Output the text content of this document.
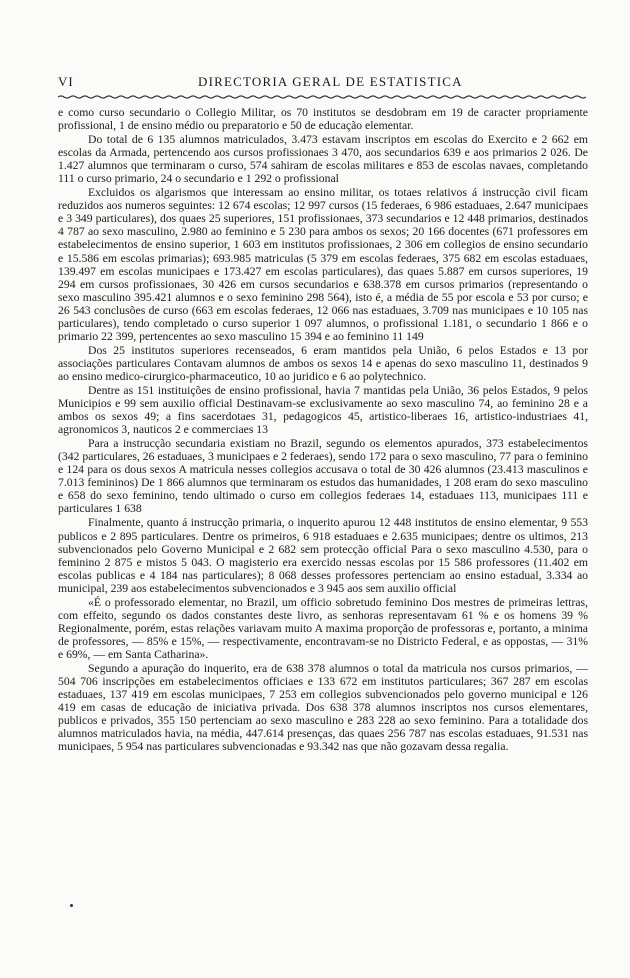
VI	DIRECTORIA GERAL DE ESTATISTICA

e como curso secundario o Collegio Militar, os 70 institutos se desdobram em 19 de caracter propriamente profissional, 1 de ensino médio ou preparatorio e 50 de educação elementar.

Do total de 6 135 alumnos matriculados, 3.473 estavam inscriptos em escolas do Exercito e 2 662 em escolas da Armada, pertencendo aos cursos profissionaes 3 470, aos secundarios 639 e aos primarios 2 026. De 1.427 alumnos que terminaram o curso, 574 sahiram de escolas militares e 853 de escolas navaes, completando 111 o curso primario, 24 o secundario e 1 292 o profissional

Excluidos os algarismos que interessam ao ensino militar, os totaes relativos á instrucção civil ficam reduzidos aos numeros seguintes: 12 674 escolas; 12 997 cursos (15 federaes, 6 986 estaduaes, 2.647 municipaes e 3 349 particulares), dos quaes 25 superiores, 151 profissionaes, 373 secundarios e 12 448 primarios, destinados 4 787 ao sexo masculino, 2.980 ao feminino e 5 230 para ambos os sexos; 20 166 docentes (671 professores em estabelecimentos de ensino superior, 1 603 em institutos profissionaes, 2 306 em collegios de ensino secundario e 15.586 em escolas primarias); 693.985 matriculas (5 379 em escolas federaes, 375 682 em escolas estaduaes, 139.497 em escolas municipaes e 173.427 em escolas particulares), das quaes 5.887 em cursos superiores, 19 294 em cursos profissionaes, 30 426 em cursos secundarios e 638.378 em cursos primarios (representando o sexo masculino 395.421 alumnos e o sexo feminino 298 564), isto é, a média de 55 por escola e 53 por curso; e 26 543 conclusões de curso (663 em escolas federaes, 12 066 nas estaduaes, 3.709 nas municipaes e 10 105 nas particulares), tendo completado o curso superior 1 097 alumnos, o profissional 1.181, o secundario 1 866 e o primario 22 399, pertencentes ao sexo masculino 15 394 e ao feminino 11 149

Dos 25 institutos superiores recenseados, 6 eram mantidos pela União, 6 pelos Estados e 13 por associações particulares Contavam alumnos de ambos os sexos 14 e apenas do sexo masculino 11, destinados 9 ao ensino medico-cirurgico-pharmaceutico, 10 ao juridico e 6 ao polytechnico.

Dentre as 151 instituições de ensino profissional, havia 7 mantidas pela União, 36 pelos Estados, 9 pelos Municipios e 99 sem auxilio official Destinavam-se exclusivamente ao sexo masculino 74, ao feminino 28 e a ambos os sexos 49; a fins sacerdotaes 31, pedagogicos 45, artistico-liberaes 16, artistico-industriaes 41, agronomicos 3, nauticos 2 e commerciaes 13

Para a instrucção secundaria existiam no Brazil, segundo os elementos apurados, 373 estabelecimentos (342 particulares, 26 estaduaes, 3 municipaes e 2 federaes), sendo 172 para o sexo masculino, 77 para o feminino e 124 para os dous sexos A matricula nesses collegios accusava o total de 30 426 alumnos (23.413 masculinos e 7.013 femininos) De 1 866 alumnos que terminaram os estudos das humanidades, 1 208 eram do sexo masculino e 658 do sexo feminino, tendo ultimado o curso em collegios federaes 14, estaduaes 113, municipaes 111 e particulares 1 638

Finalmente, quanto á instrucção primaria, o inquerito apurou 12 448 institutos de ensino elementar, 9 553 publicos e 2 895 particulares. Dentre os primeiros, 6 918 estaduaes e 2.635 municipaes; dentre os ultimos, 213 subvencionados pelo Governo Municipal e 2 682 sem protecção official Para o sexo masculino 4.530, para o feminino 2 875 e mistos 5 043. O magisterio era exercido nessas escolas por 15 586 professores (11.402 em escolas publicas e 4 184 nas particulares); 8 068 desses professores pertenciam ao ensino estadual, 3.334 ao municipal, 239 aos estabelecimentos subvencionados e 3 945 aos sem auxilio official

«É o professorado elementar, no Brazil, um officio sobretudo feminino Dos mestres de primeiras lettras, com effeito, segundo os dados constantes deste livro, as senhoras representavam 61 % e os homens 39 % Regionalmente, porém, estas relações variavam muito A maxima proporção de professoras e, portanto, a minima de professores, — 85% e 15%, — respectivamente, encontravam-se no Districto Federal, e as oppostas, — 31% e 69%, — em Santa Catharina».

Segundo a apuração do inquerito, era de 638 378 alumnos o total da matricula nos cursos primarios, — 504 706 inscripções em estabelecimentos officiaes e 133 672 em institutos particulares; 367 287 em escolas estaduaes, 137 419 em escolas municipaes, 7 253 em collegios subvencionados pelo governo municipal e 126 419 em casas de educação de iniciativa privada. Dos 638 378 alumnos inscriptos nos cursos elementares, publicos e privados, 355 150 pertenciam ao sexo masculino e 283 228 ao sexo feminino. Para a totalidade dos alumnos matriculados havia, na média, 447.614 presenças, das quaes 256 787 nas escolas estaduaes, 91.531 nas municipaes, 5 954 nas particulares subvencionadas e 93.342 nas que não gozavam dessa regalia.
